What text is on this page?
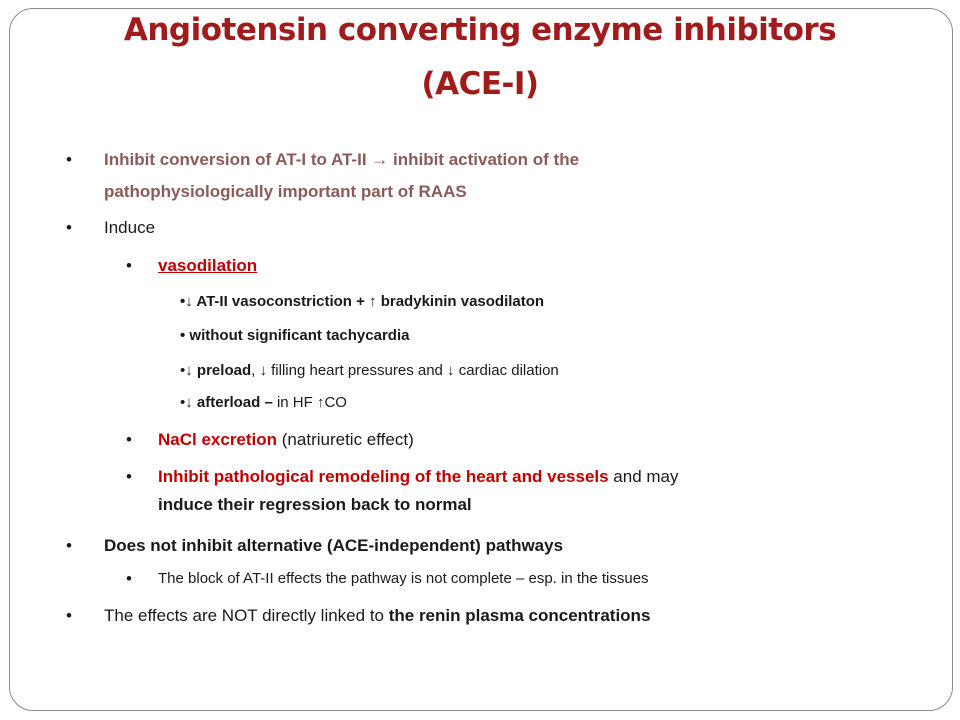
Angiotensin converting enzyme inhibitors
(ACE-I)
• Inhibit conversion of AT-I to AT-II → inhibit activation of the
pathophysiologically important part of RAAS
• Induce
• vasodilation
•↓ AT-II vasoconstriction + ↑ bradykinin vasodilaton
• without significant tachycardia
•↓ preload, ↓ filling heart pressures and ↓ cardiac dilation
•↓ afterload – in HF ↑CO
• NaCl excretion (natriuretic effect)
• Inhibit pathological remodeling of the heart and vessels and may
induce their regression back to normal
• Does not inhibit alternative (ACE-independent) pathways
• The block of AT-II effects the pathway is not complete – esp. in the tissues
• The effects are NOT directly linked to the renin plasma concentrations
